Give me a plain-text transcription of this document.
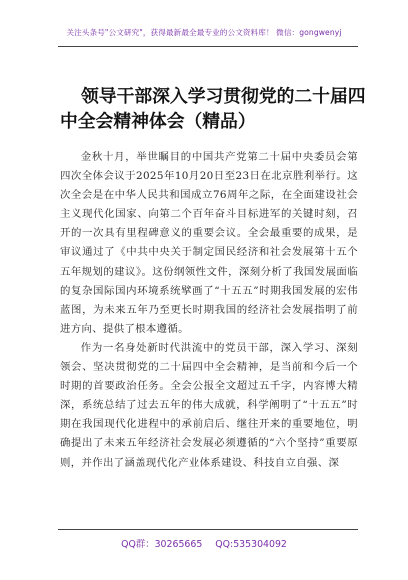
关注头条号"公文研究"，获得最新最全最专业的公文资料库！ 微信：gongwenyj
领导干部深入学习贯彻党的二十届四
中全会精神体会（精品）

金秋十月，举世瞩目的中国共产党第二十届中央委员会第四次全体会议于2025年10月20日至23日在北京胜利举行。这次全会是在中华人民共和国成立76周年之际，在全面建设社会主义现代化国家、向第二个百年奋斗目标进军的关键时刻，召开的一次具有里程碑意义的重要会议。全会最重要的成果，是审议通过了《中共中央关于制定国民经济和社会发展第十五个五年规划的建议》。这份纲领性文件，深刻分析了我国发展面临的复杂国际国内环境系统擘画了“十五五”时期我国发展的宏伟蓝图，为未来五年乃至更长时期我国的经济社会发展指明了前进方向、提供了根本遵循。

作为一名身处新时代洪流中的党员干部，深入学习、深刻领会、坚决贯彻党的二十届四中全会精神，是当前和今后一个时期的首要政治任务。全会公报全文超过五千字，内容博大精深，系统总结了过去五年的伟大成就，科学阐明了“十五五”时期在我国现代化进程中的承前启后、继往开来的重要地位，明确提出了未来五年经济社会发展必须遵循的“六个坚持”重要原则，并作出了涵盖现代化产业体系建设、科技自立自强、深

QQ群：30265665 QQ:535304092
